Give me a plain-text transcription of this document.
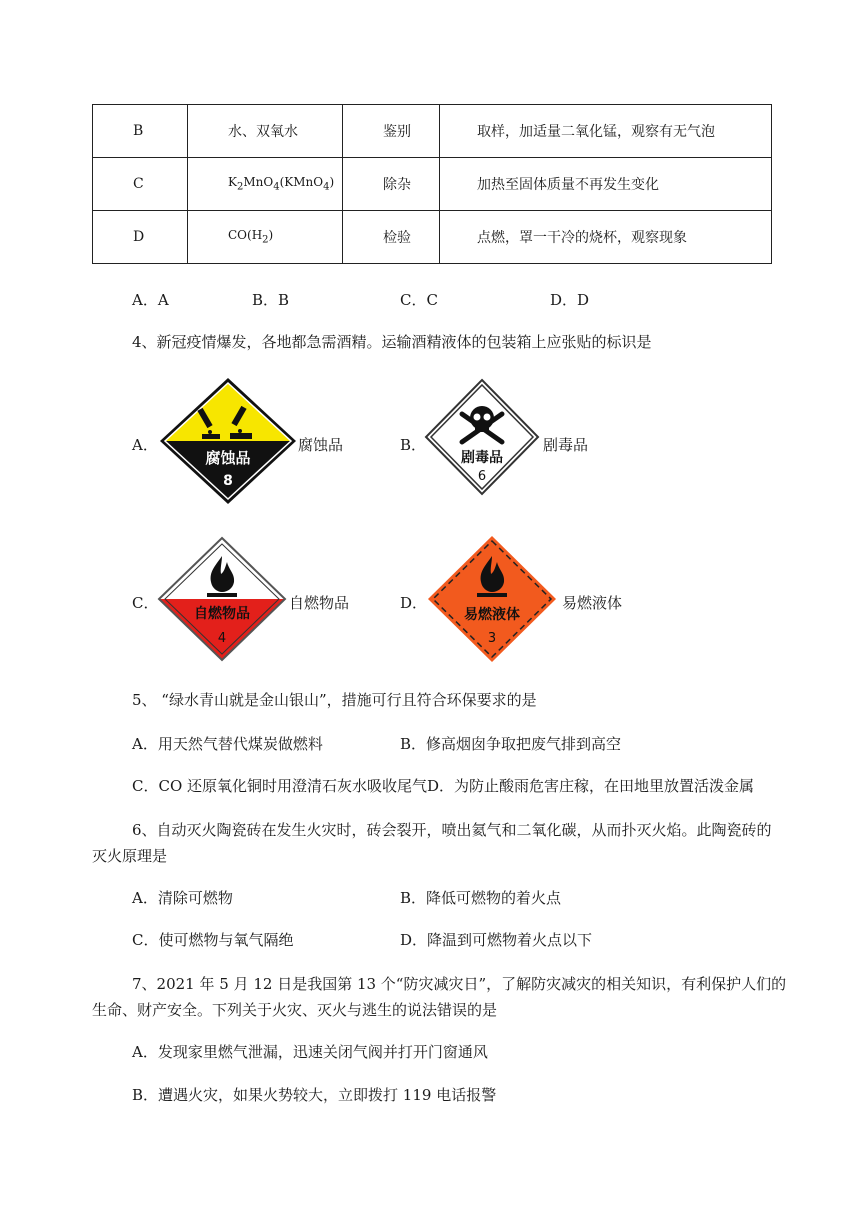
B	水、双氧水	鉴别	取样，加适量二氧化锰，观察有无气泡
C	$K_2MnO_4(KMnO_4)$	除杂	加热至固体质量不再发生变化
D	$CO(H_2)$	检验	点燃，罩一干冷的烧杯，观察现象
A．A	B．B	C．C	D．D
4、新冠疫情爆发，各地都急需酒精。运输酒精液体的包装箱上应张贴的标识是
A．
腐蚀品
8
腐蚀品	B．
剧毒品
6
剧毒品
C．
自燃物品
4
自燃物品	D．
易燃液体
3
易燃液体
5、 “绿水青山就是金山银山”，措施可行且符合环保要求的是
A．用天然气替代煤炭做燃料	B．修高烟囱争取把废气排到高空
C．CO 还原氧化铜时用澄清石灰水吸收尾气 D．为防止酸雨危害庄稼，在田地里放置活泼金属
6、自动灭火陶瓷砖在发生火灾时，砖会裂开，喷出氦气和二氧化碳，从而扑灭火焰。此陶瓷砖的
灭火原理是
A．清除可燃物	B．降低可燃物的着火点
C．使可燃物与氧气隔绝	D．降温到可燃物着火点以下
7、2021 年 5 月 12 日是我国第 13 个“防灾减灾日”，了解防灾减灾的相关知识，有利保护人们的
生命、财产安全。下列关于火灾、灭火与逃生的说法错误的是
A．发现家里燃气泄漏，迅速关闭气阀并打开门窗通风
B．遭遇火灾，如果火势较大，立即拨打 119 电话报警
